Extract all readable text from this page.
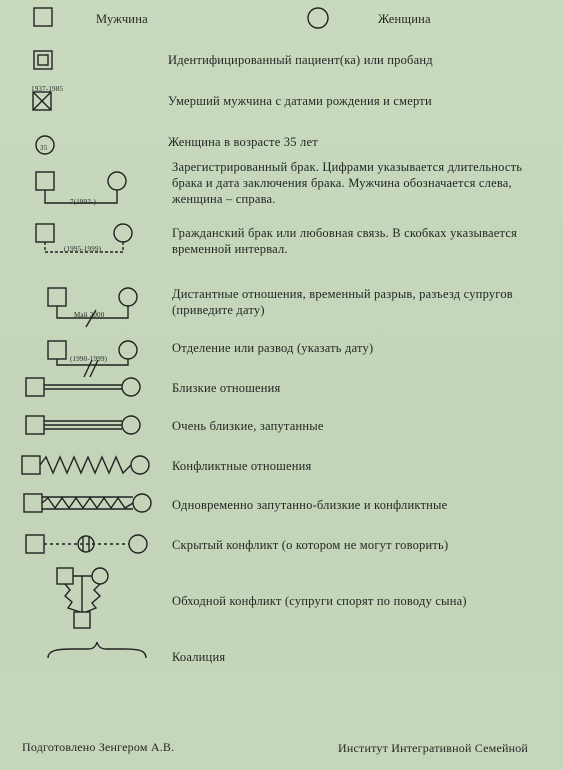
1937-1985
35
7(1993-)
(1995-1999)
Май 2000
(1990-1999)
Мужчина	Женщина
Идентифицированный пациент(ка) или пробанд
Умерший мужчина с датами рождения и смерти
Женщина в возрасте 35 лет
Зарегистрированный брак. Цифрами указывается длительность брака и дата заключения брака. Мужчина обозначается слева, женщина – справа.
Гражданский брак или любовная связь. В скобках указывается временной интервал.
Дистантные отношения, временный разрыв, разъезд супругов (приведите дату)
Отделение или развод (указать дату)
Близкие отношения
Очень близкие, запутанные
Конфликтные отношения
Одновременно запутанно-близкие и конфликтные
Скрытый конфликт (о котором не могут говорить)
Обходной конфликт (супруги спорят по поводу сына)
Коалиция
Подготовлено Зенгером А.В.	Институт Интегративной Семейной
